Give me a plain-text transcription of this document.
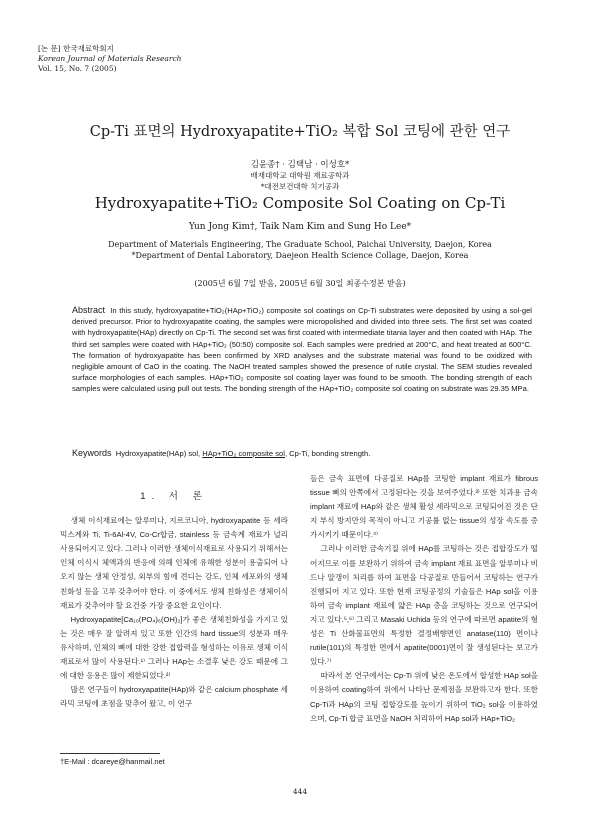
[논 문] 한국재료학회지
Korean Journal of Materials Research
Vol. 15, No. 7 (2005)
Cp-Ti 표면의 Hydroxyapatite+TiO₂ 복합 Sol 코팅에 관한 연구
김윤종† · 김택남 · 이성호*
배재대학교 대학원 재료공학과
*대전보건대학 치기공과
Hydroxyapatite+TiO₂ Composite Sol Coating on Cp-Ti
Yun Jong Kim†, Taik Nam Kim and Sung Ho Lee*
Department of Materials Engineering, The Graduate School, Paichai University, Daejon, Korea
*Department of Dental Laboratory, Daejeon Health Science Collage, Daejon, Korea
(2005년 6월 7일 받음, 2005년 6월 30일 최종수정본 받음)
Abstract In this study, hydroxyapatite+TiO₂(HAp+TiO₂) composite sol coatings on Cp-Ti substrates were deposited by using a sol-gel derived precursor. Prior to hydroxyapatite coating, the samples were micropolished and divided into three sets. The first set was coated with hydroxyapatite(HAp) directly on Cp-Ti. The second set was first coated with intermediate titania layer and then coated with HAp. The third set samples were coated with HAp+TiO₂ (50:50) composite sol. Each samples were predried at 200°C, and heat treated at 600°C. The formation of hydroxyapatite has been confirmed by XRD analyses and the substrate material was found to be oxidized with negligible amount of CaO in the coating. The NaOH treated samples showed the presence of rutile crystal. The SEM studies revealed surface morphologies of each samples. HAp+TiO₂ composite sol coating layer was found to be smooth. The bonding strength of each samples were calculated using pull out tests. The bonding strength of the HAp+TiO₂ composite sol coating on substrate was 29.35 MPa.
Keywords Hydroxyapatite(HAp) sol, HAp+TiO₂ composite sol, Cp-Ti, bonding strength.
1. 서 론

생체 이식재료에는 알루미나, 지르코니아, hydroxyapatite 등 세라믹스계와 Ti, Ti-6Al-4V, Co-Cr합금, stainless 등 금속계 재료가 널리 사용되어지고 있다. 그러나 이러한 생체이식재료로 사용되기 위해서는 인체 이식시 체액과의 반응에 의해 인체에 유해한 성분이 용출되어 나오지 않는 생체 안정성, 외부의 힘에 견디는 강도, 인체 세포와의 생체친화성 등을 고루 갖추어야 한다. 이 중에서도 생체 친화성은 생체이식재료가 갖추어야 할 요건중 가장 중요한 요인이다.

Hydroxyapatite[Ca₁₀(PO₄)₆(OH)₂]가 좋은 생체친화성을 가지고 있는 것은 매우 잘 알려져 있고 또한 인간의 hard tissue의 성분과 매우 유사하며, 인체의 뼈에 대한 강한 접합력을 형성하는 이유로 생체 이식 재료로서 많이 사용된다.¹⁾ 그러나 HAp는 소결후 낮은 강도 때문에 그에 대한 응용은 많이 제한되었다.²⁾

많은 연구들이 hydroxyapatite(HAp)와 같은 calcium phosphate 세라믹 코팅에 초점을 맞추어 왔고, 이 연구

들은 금속 표면에 다공질로 HAp를 코팅한 implant 재료가 fibrous tissue 뼈의 안쪽에서 고정된다는 것을 보여주었다.³⁾ 또한 치과용 금속 implant 재료에 HAp와 같은 생체 활성 세라믹으로 코팅되어진 것은 단지 부식 방지만의 목적이 아니고 기공률 없는 tissue의 성장 속도를 증가시키기 때문이다.⁴⁾

그러나 이러한 금속기질 위에 HAp를 코팅하는 것은 접합강도가 떨어지므로 이를 보완하기 위하여 금속 implant 재료 표면을 알루미나 비드나 알갱이 처리를 하여 표면을 다공질로 만들어서 코팅하는 연구가 진행되어 지고 있다. 또한 현재 코팅공정의 기술들은 HAp sol을 이용하여 금속 implant 재료에 얇은 HAp 층을 코팅하는 것으로 연구되어 지고 있다.⁵,⁶⁾ 그리고 Masaki Uchida 등의 연구에 따르면 apatite의 형성은 Ti 산화물표면의 특정한 결정배향면인 anatase(110) 면이나 rutile(101)의 특정한 면에서 apatite(0001)면이 잘 생성된다는 보고가 있다.⁷⁾

따라서 본 연구에서는 Cp-Ti 위에 낮은 온도에서 합성한 HAp sol을 이용하여 coating하여 위에서 나타난 문제점을 보완하고자 한다. 또한 Cp-Ti과 HAp의 코팅 접합강도를 높이기 위하여 TiO₂ sol을 이용하였으며, Cp-Ti 합금 표면을 NaOH 처리하여 HAp sol과 HAp+TiO₂

†E-Mail : dcareye@hanmail.net
444
